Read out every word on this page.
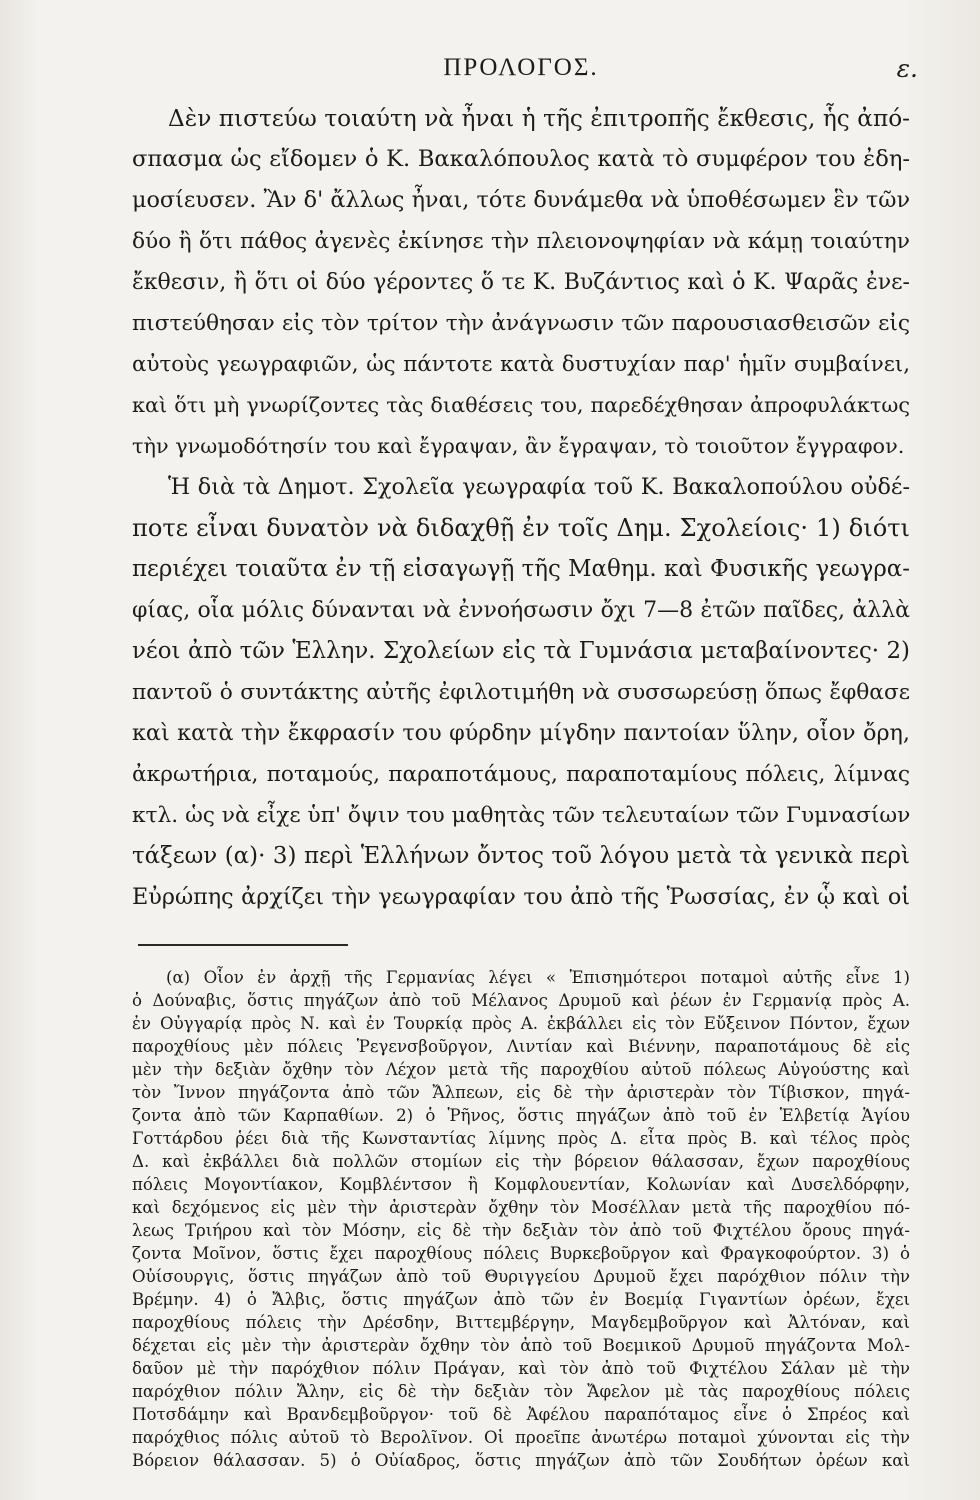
ΠΡΟΛΟΓΟΣ.	ε.
Δὲν πιστεύω τοιαύτη νὰ ἦναι ἡ τῆς ἐπιτροπῆς ἔκθεσις, ἧς ἀπό-
σπασμα ὡς εἴδομεν ὁ Κ. Βακαλόπουλος κατὰ τὸ συμφέρον του ἐδη-
μοσίευσεν. Ἂν δ' ἄλλως ἦναι, τότε δυνάμεθα νὰ ὑποθέσωμεν ἓν τῶν
δύο ἢ ὅτι πάθος ἀγενὲς ἐκίνησε τὴν πλειονοψηφίαν νὰ κάμῃ τοιαύτην
ἔκθεσιν, ἢ ὅτι οἱ δύο γέροντες ὅ τε Κ. Βυζάντιος καὶ ὁ Κ. Ψαρᾶς ἐνε-
πιστεύθησαν εἰς τὸν τρίτον τὴν ἀνάγνωσιν τῶν παρουσιασθεισῶν εἰς
αὐτοὺς γεωγραφιῶν, ὡς πάντοτε κατὰ δυστυχίαν παρ' ἡμῖν συμβαίνει,
καὶ ὅτι μὴ γνωρίζοντες τὰς διαθέσεις του, παρεδέχθησαν ἀπροφυλάκτως
τὴν γνωμοδότησίν του καὶ ἔγραψαν, ἂν ἔγραψαν, τὸ τοιοῦτον ἔγγραφον.
Ἡ διὰ τὰ Δημοτ. Σχολεῖα γεωγραφία τοῦ Κ. Βακαλοπούλου οὐδέ-
ποτε εἶναι δυνατὸν νὰ διδαχθῇ ἐν τοῖς Δημ. Σχολείοις· 1) διότι
περιέχει τοιαῦτα ἐν τῇ εἰσαγωγῇ τῆς Μαθημ. καὶ Φυσικῆς γεωγρα-
φίας, οἷα μόλις δύνανται νὰ ἐννοήσωσιν ὄχι 7—8 ἐτῶν παῖδες, ἀλλὰ
νέοι ἀπὸ τῶν Ἑλλην. Σχολείων εἰς τὰ Γυμνάσια μεταβαίνοντες· 2)
παντοῦ ὁ συντάκτης αὐτῆς ἐφιλοτιμήθη νὰ συσσωρεύσῃ ὅπως ἔφθασε
καὶ κατὰ τὴν ἔκφρασίν του φύρδην μίγδην παντοίαν ὕλην, οἷον ὄρη,
ἀκρωτήρια, ποταμούς, παραποτάμους, παραποταμίους πόλεις, λίμνας
κτλ. ὡς νὰ εἶχε ὑπ' ὄψιν του μαθητὰς τῶν τελευταίων τῶν Γυμνασίων
τάξεων (α)· 3) περὶ Ἑλλήνων ὄντος τοῦ λόγου μετὰ τὰ γενικὰ περὶ
Εὐρώπης ἀρχίζει τὴν γεωγραφίαν του ἀπὸ τῆς Ῥωσσίας, ἐν ᾧ καὶ οἱ
(α) Οἷον ἐν ἀρχῇ τῆς Γερμανίας λέγει « Ἐπισημότεροι ποταμοὶ αὐτῆς εἶνε 1)
ὁ Δούναβις, ὅστις πηγάζων ἀπὸ τοῦ Μέλανος Δρυμοῦ καὶ ῥέων ἐν Γερμανίᾳ πρὸς Α.
ἐν Οὐγγαρίᾳ πρὸς Ν. καὶ ἐν Τουρκίᾳ πρὸς Α. ἐκβάλλει εἰς τὸν Εὔξεινον Πόντον, ἔχων
παροχθίους μὲν πόλεις Ῥεγενσβοῦργον, Λιντίαν καὶ Βιέννην, παραποτάμους δὲ εἰς
μὲν τὴν δεξιὰν ὄχθην τὸν Λέχον μετὰ τῆς παροχθίου αὐτοῦ πόλεως Αὐγούστης καὶ
τὸν Ἴννον πηγάζοντα ἀπὸ τῶν Ἄλπεων, εἰς δὲ τὴν ἀριστερὰν τὸν Τίβισκον, πηγά-
ζοντα ἀπὸ τῶν Καρπαθίων. 2) ὁ Ῥῆνος, ὅστις πηγάζων ἀπὸ τοῦ ἐν Ἑλβετίᾳ Ἁγίου
Γοττάρδου ῥέει διὰ τῆς Κωνσταντίας λίμνης πρὸς Δ. εἶτα πρὸς Β. καὶ τέλος πρὸς
Δ. καὶ ἐκβάλλει διὰ πολλῶν στομίων εἰς τὴν βόρειον θάλασσαν, ἔχων παροχθίους
πόλεις Μογοντίακον, Κομβλέντσον ἢ Κομφλουεντίαν, Κολωνίαν καὶ Δυσελδόρφην,
καὶ δεχόμενος εἰς μὲν τὴν ἀριστερὰν ὄχθην τὸν Μοσέλλαν μετὰ τῆς παροχθίου πό-
λεως Τριήρου καὶ τὸν Μόσην, εἰς δὲ τὴν δεξιὰν τὸν ἀπὸ τοῦ Φιχτέλου ὄρους πηγά-
ζοντα Μοῖνον, ὅστις ἔχει παροχθίους πόλεις Βυρκεβοῦργον καὶ Φραγκοφούρτον. 3) ὁ
Οὐίσουργις, ὅστις πηγάζων ἀπὸ τοῦ Θυριγγείου Δρυμοῦ ἔχει παρόχθιον πόλιν τὴν
Βρέμην. 4) ὁ Ἄλβις, ὅστις πηγάζων ἀπὸ τῶν ἐν Βοεμίᾳ Γιγαντίων ὀρέων, ἔχει
παροχθίους πόλεις τὴν Δρέσδην, Βιττεμβέργην, Μαγδεμβοῦργον καὶ Ἀλτόναν, καὶ
δέχεται εἰς μὲν τὴν ἀριστερὰν ὄχθην τὸν ἀπὸ τοῦ Βοεμικοῦ Δρυμοῦ πηγάζοντα Μολ-
δαῦον μὲ τὴν παρόχθιον πόλιν Πράγαν, καὶ τὸν ἀπὸ τοῦ Φιχτέλου Σάλαν μὲ τὴν
παρόχθιον πόλιν Ἄλην, εἰς δὲ τὴν δεξιὰν τὸν Ἄφελον μὲ τὰς παροχθίους πόλεις
Ποτσδάμην καὶ Βρανδεμβοῦργον· τοῦ δὲ Ἀφέλου παραπόταμος εἶνε ὁ Σπρέος καὶ
παρόχθιος πόλις αὐτοῦ τὸ Βερολῖνον. Οἱ προεῖπε ἀνωτέρω ποταμοὶ χύνονται εἰς τὴν
Βόρειον θάλασσαν. 5) ὁ Οὐίαδρος, ὅστις πηγάζων ἀπὸ τῶν Σουδήτων ὀρέων καὶ
